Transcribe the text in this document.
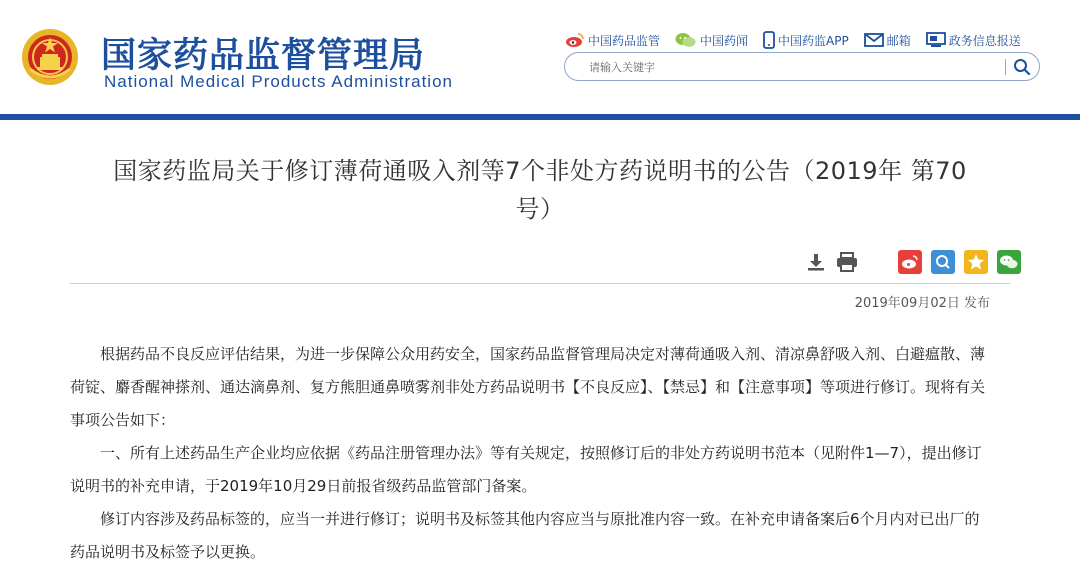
国家药品监督管理局
National Medical Products Administration
中国药品监管	中国药闻	中国药监APP	邮箱	政务信息报送
请输入关键字
国家药监局关于修订薄荷通吸入剂等7个非处方药说明书的公告（2019年 第70
号）
2019年09月02日 发布

根据药品不良反应评估结果，为进一步保障公众用药安全，国家药品监督管理局决定对薄荷通吸入剂、清凉鼻舒吸入剂、白避瘟散、薄荷锭、麝香醒神搽剂、通达滴鼻剂、复方熊胆通鼻喷雾剂非处方药品说明书【不良反应】、【禁忌】和【注意事项】等项进行修订。现将有关事项公告如下：

一、所有上述药品生产企业均应依据《药品注册管理办法》等有关规定，按照修订后的非处方药说明书范本（见附件1—7），提出修订说明书的补充申请，于2019年10月29日前报省级药品监管部门备案。

修订内容涉及药品标签的，应当一并进行修订；说明书及标签其他内容应当与原批准内容一致。在补充申请备案后6个月内对已出厂的药品说明书及标签予以更换。
